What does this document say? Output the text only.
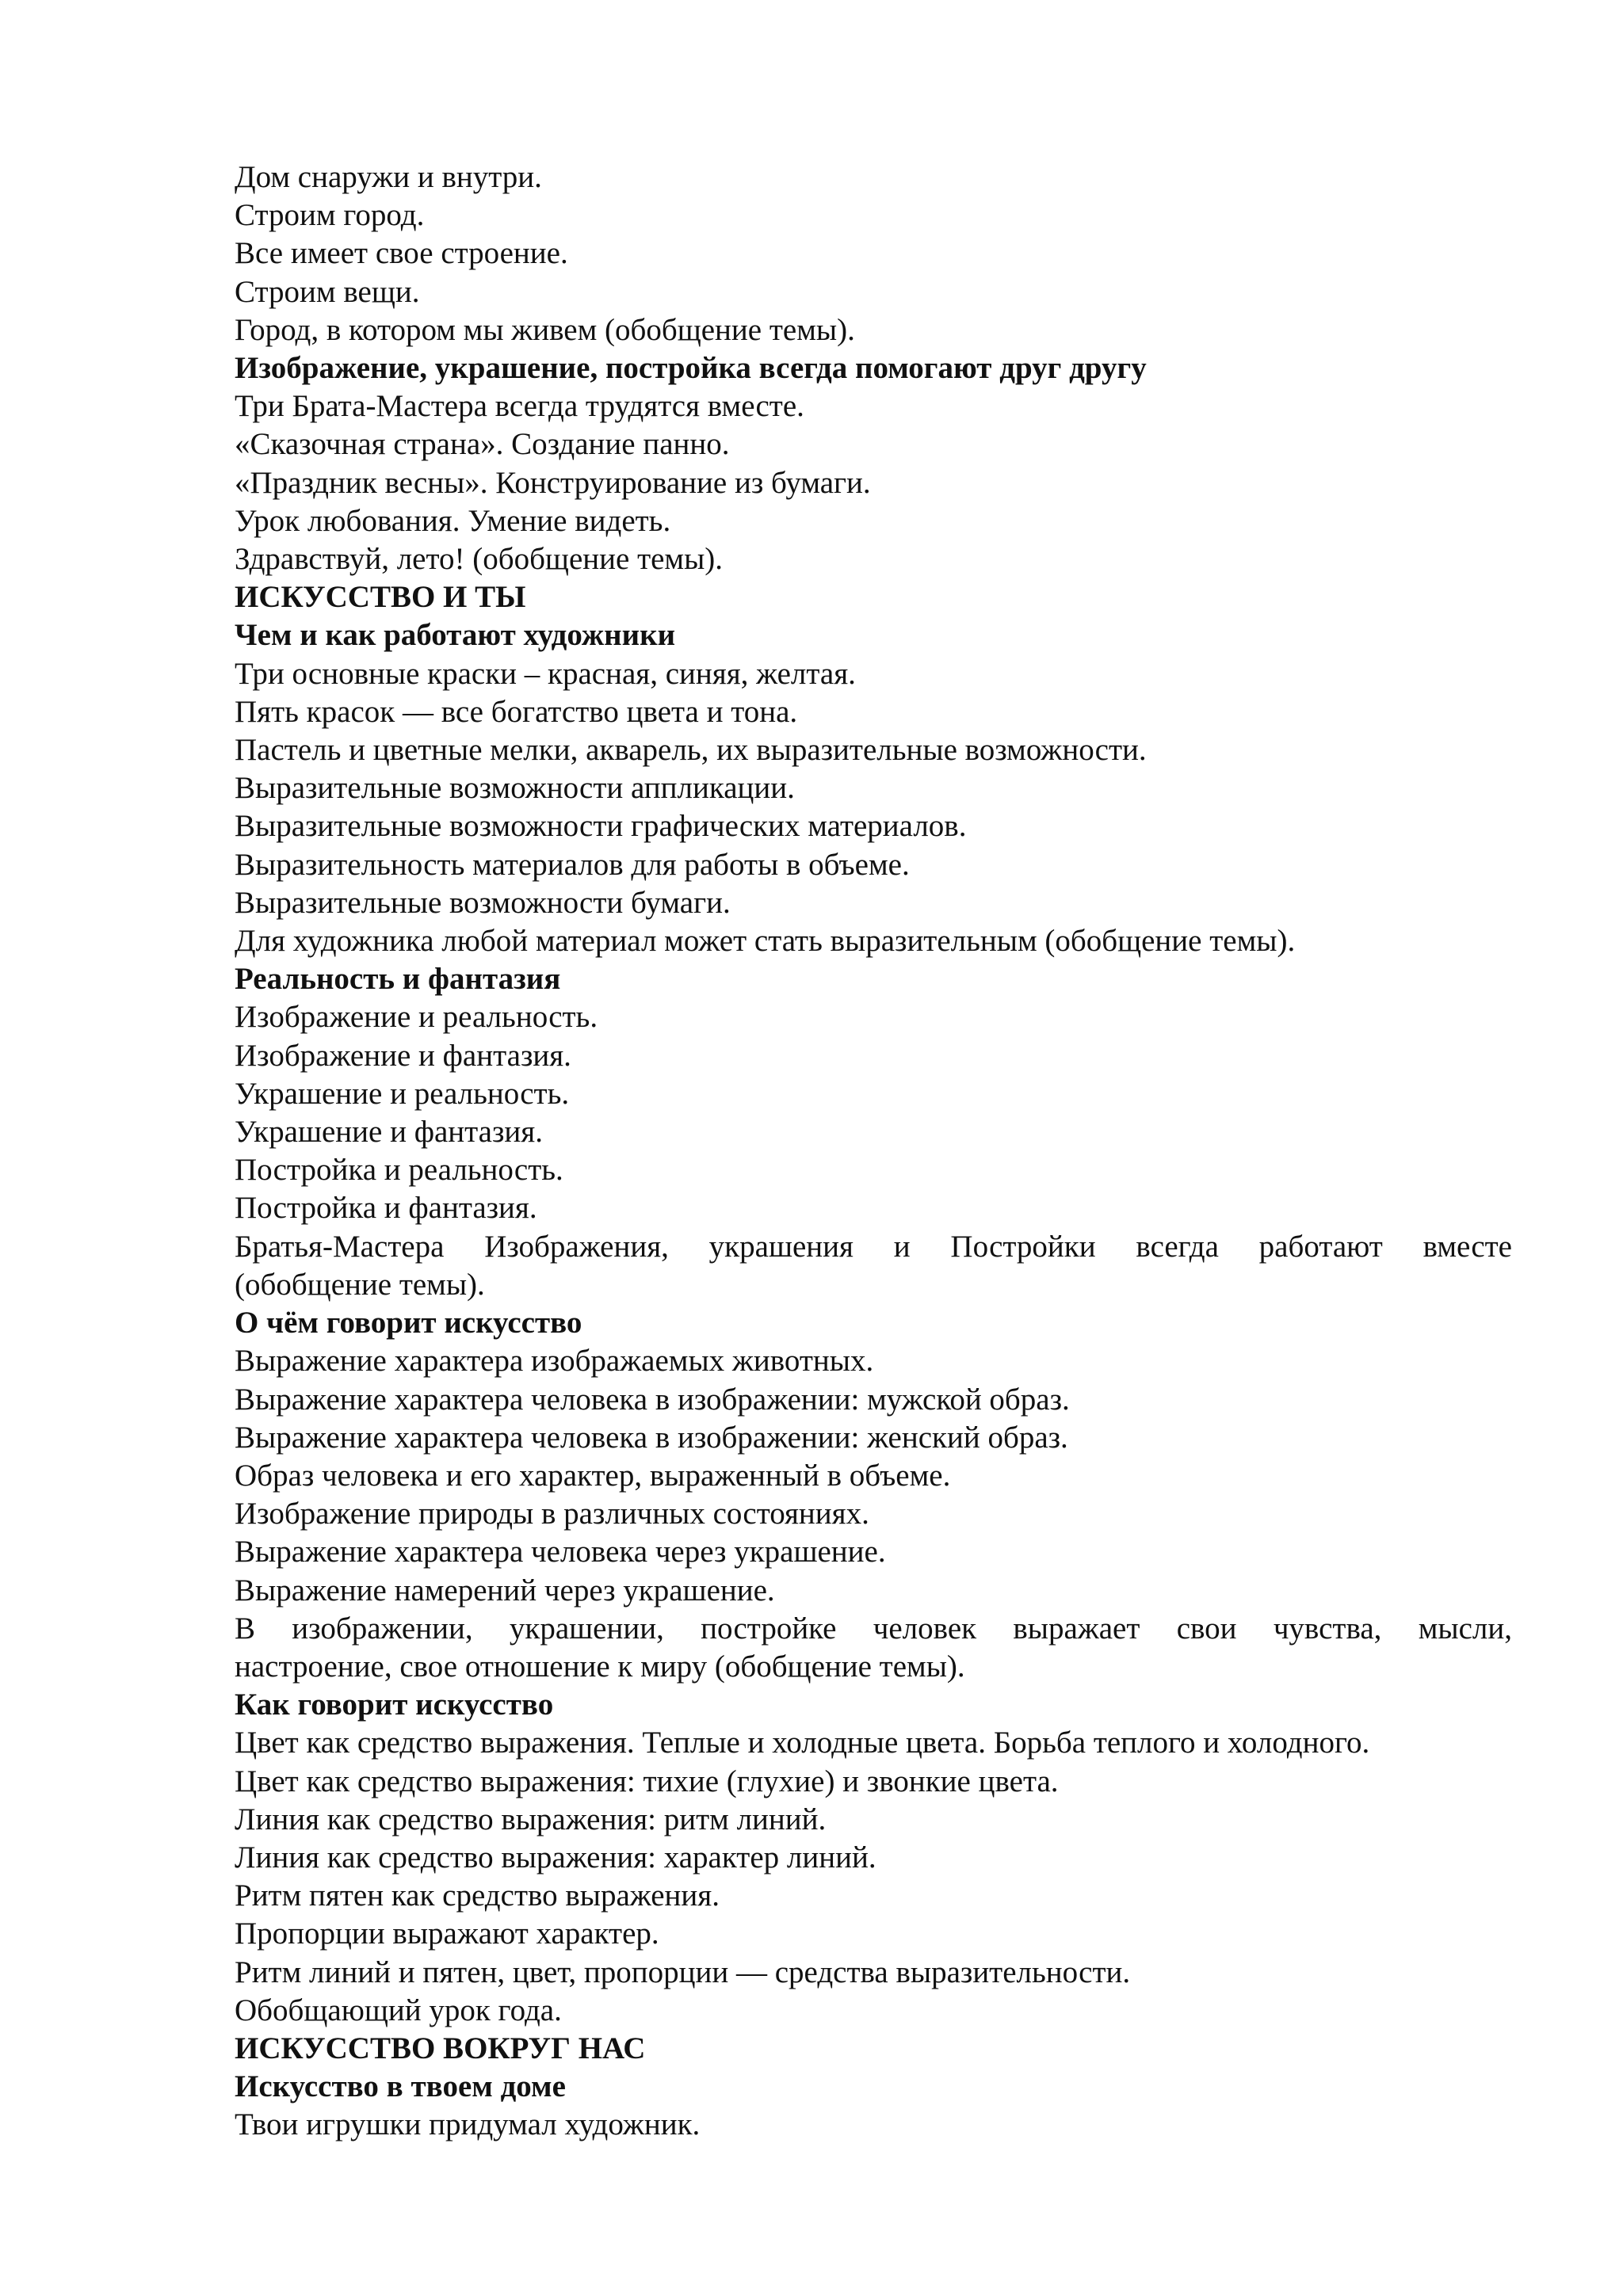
Дом снаружи и внутри.
Строим город.
Все имеет свое строение.
Строим вещи.
Город, в котором мы живем (обобщение темы).
Изображение, украшение, постройка всегда помогают друг другу
Три Брата-Мастера всегда трудятся вместе.
«Сказочная страна». Создание панно.
«Праздник весны». Конструирование из бумаги.
Урок любования. Умение видеть.
Здравствуй, лето! (обобщение темы).
ИСКУССТВО И ТЫ
Чем и как работают художники
Три основные краски – красная, синяя, желтая.
Пять красок — все богатство цвета и тона.
Пастель и цветные мелки, акварель, их выразительные возможности.
Выразительные возможности аппликации.
Выразительные возможности графических материалов.
Выразительность материалов для работы в объеме.
Выразительные возможности бумаги.
Для художника любой материал может стать выразительным (обобщение темы).
Реальность и фантазия
Изображение и реальность.
Изображение и фантазия.
Украшение и реальность.
Украшение и фантазия.
Постройка и реальность.
Постройка и фантазия.
Братья-Мастера Изображения, украшения и Постройки всегда работают вместе
(обобщение темы).
О чём говорит искусство
Выражение характера изображаемых животных.
Выражение характера человека в изображении: мужской образ.
Выражение характера человека в изображении: женский образ.
Образ человека и его характер, выраженный в объеме.
Изображение природы в различных состояниях.
Выражение характера человека через украшение.
Выражение намерений через украшение.
В изображении, украшении, постройке человек выражает свои чувства, мысли,
настроение, свое отношение к миру (обобщение темы).
Как говорит искусство
Цвет как средство выражения. Теплые и холодные цвета. Борьба теплого и холодного.
Цвет как средство выражения: тихие (глухие) и звонкие цвета.
Линия как средство выражения: ритм линий.
Линия как средство выражения: характер линий.
Ритм пятен как средство выражения.
Пропорции выражают характер.
Ритм линий и пятен, цвет, пропорции — средства выразительности.
Обобщающий урок года.
ИСКУССТВО ВОКРУГ НАС
Искусство в твоем доме
Твои игрушки придумал художник.
